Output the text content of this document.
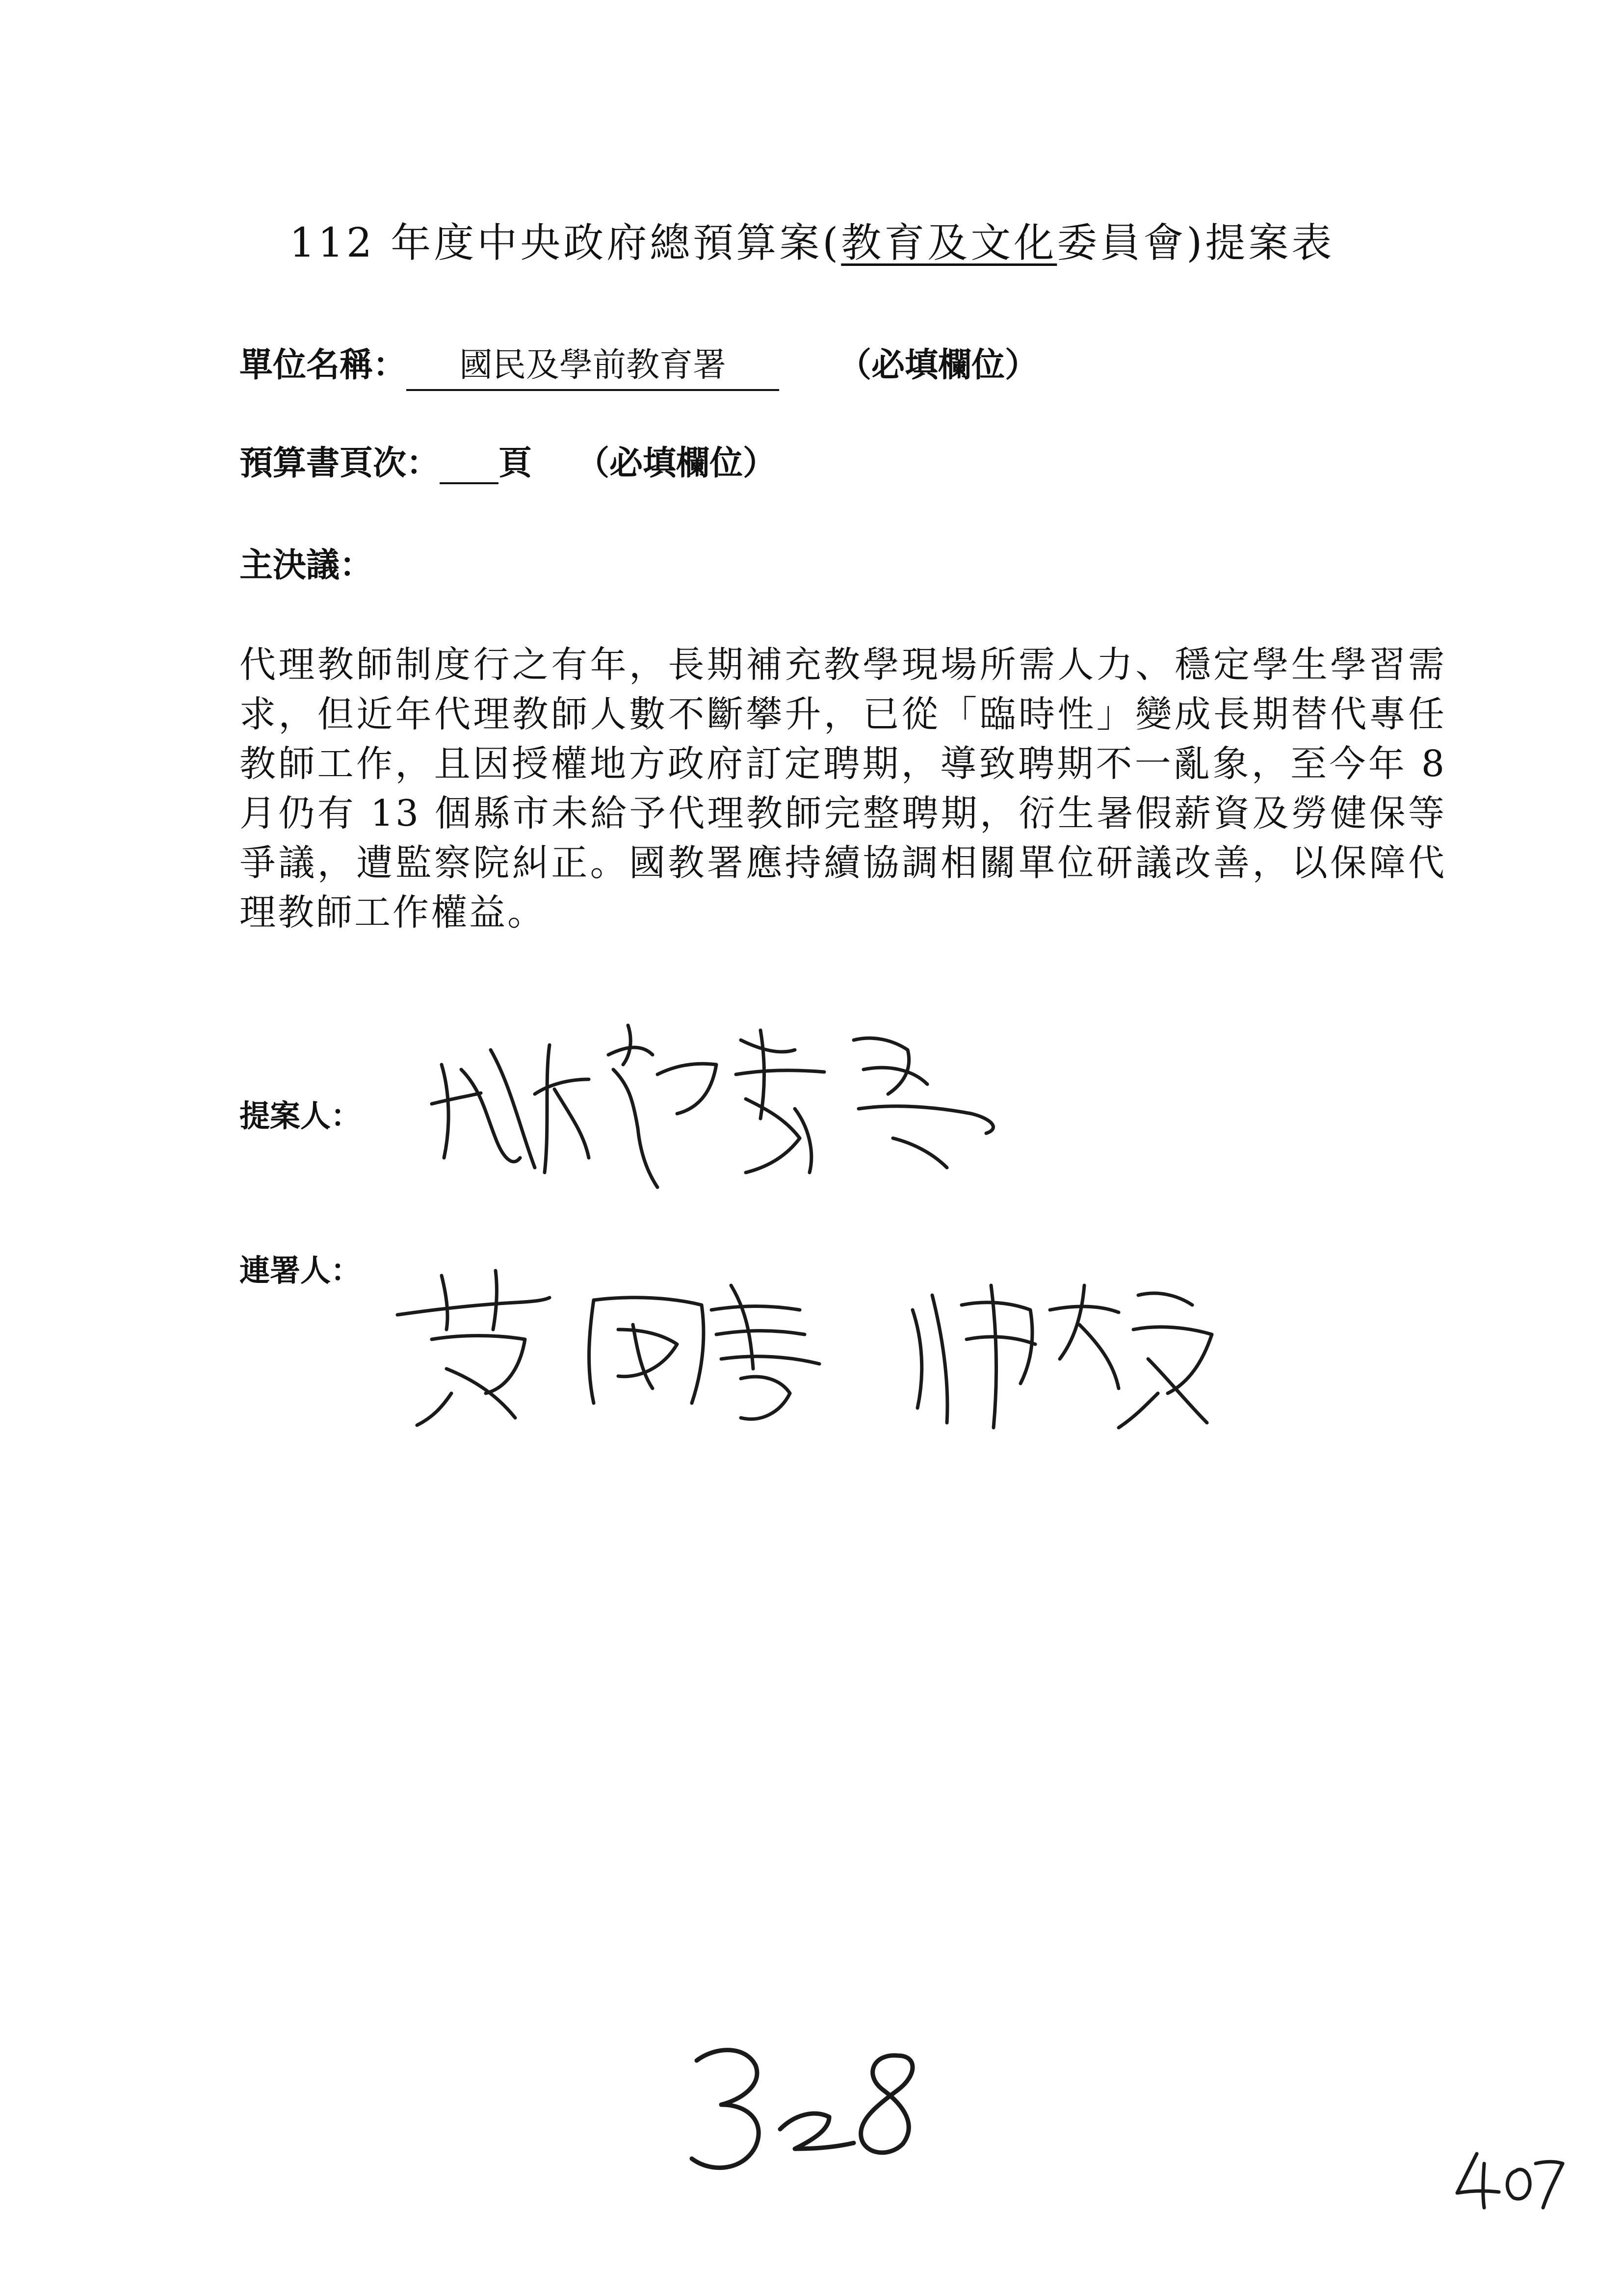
112 年度中央政府總預算案(教育及文化委員會)提案表
單位名稱： 國民及學前教育署	（必填欄位）
預算書頁次： 頁 （必填欄位）
主決議：
代理教師制度行之有年，長期補充教學現場所需人力、穩定學生學習需求，但近年代理教師人數不斷攀升，已從「臨時性」變成長期替代專任教師工作，且因授權地方政府訂定聘期，導致聘期不一亂象，至今年 8 月仍有 13 個縣市未給予代理教師完整聘期，衍生暑假薪資及勞健保等爭議，遭監察院糾正。國教署應持續協調相關單位研議改善，以保障代理教師工作權益。
提案人：
連署人：
